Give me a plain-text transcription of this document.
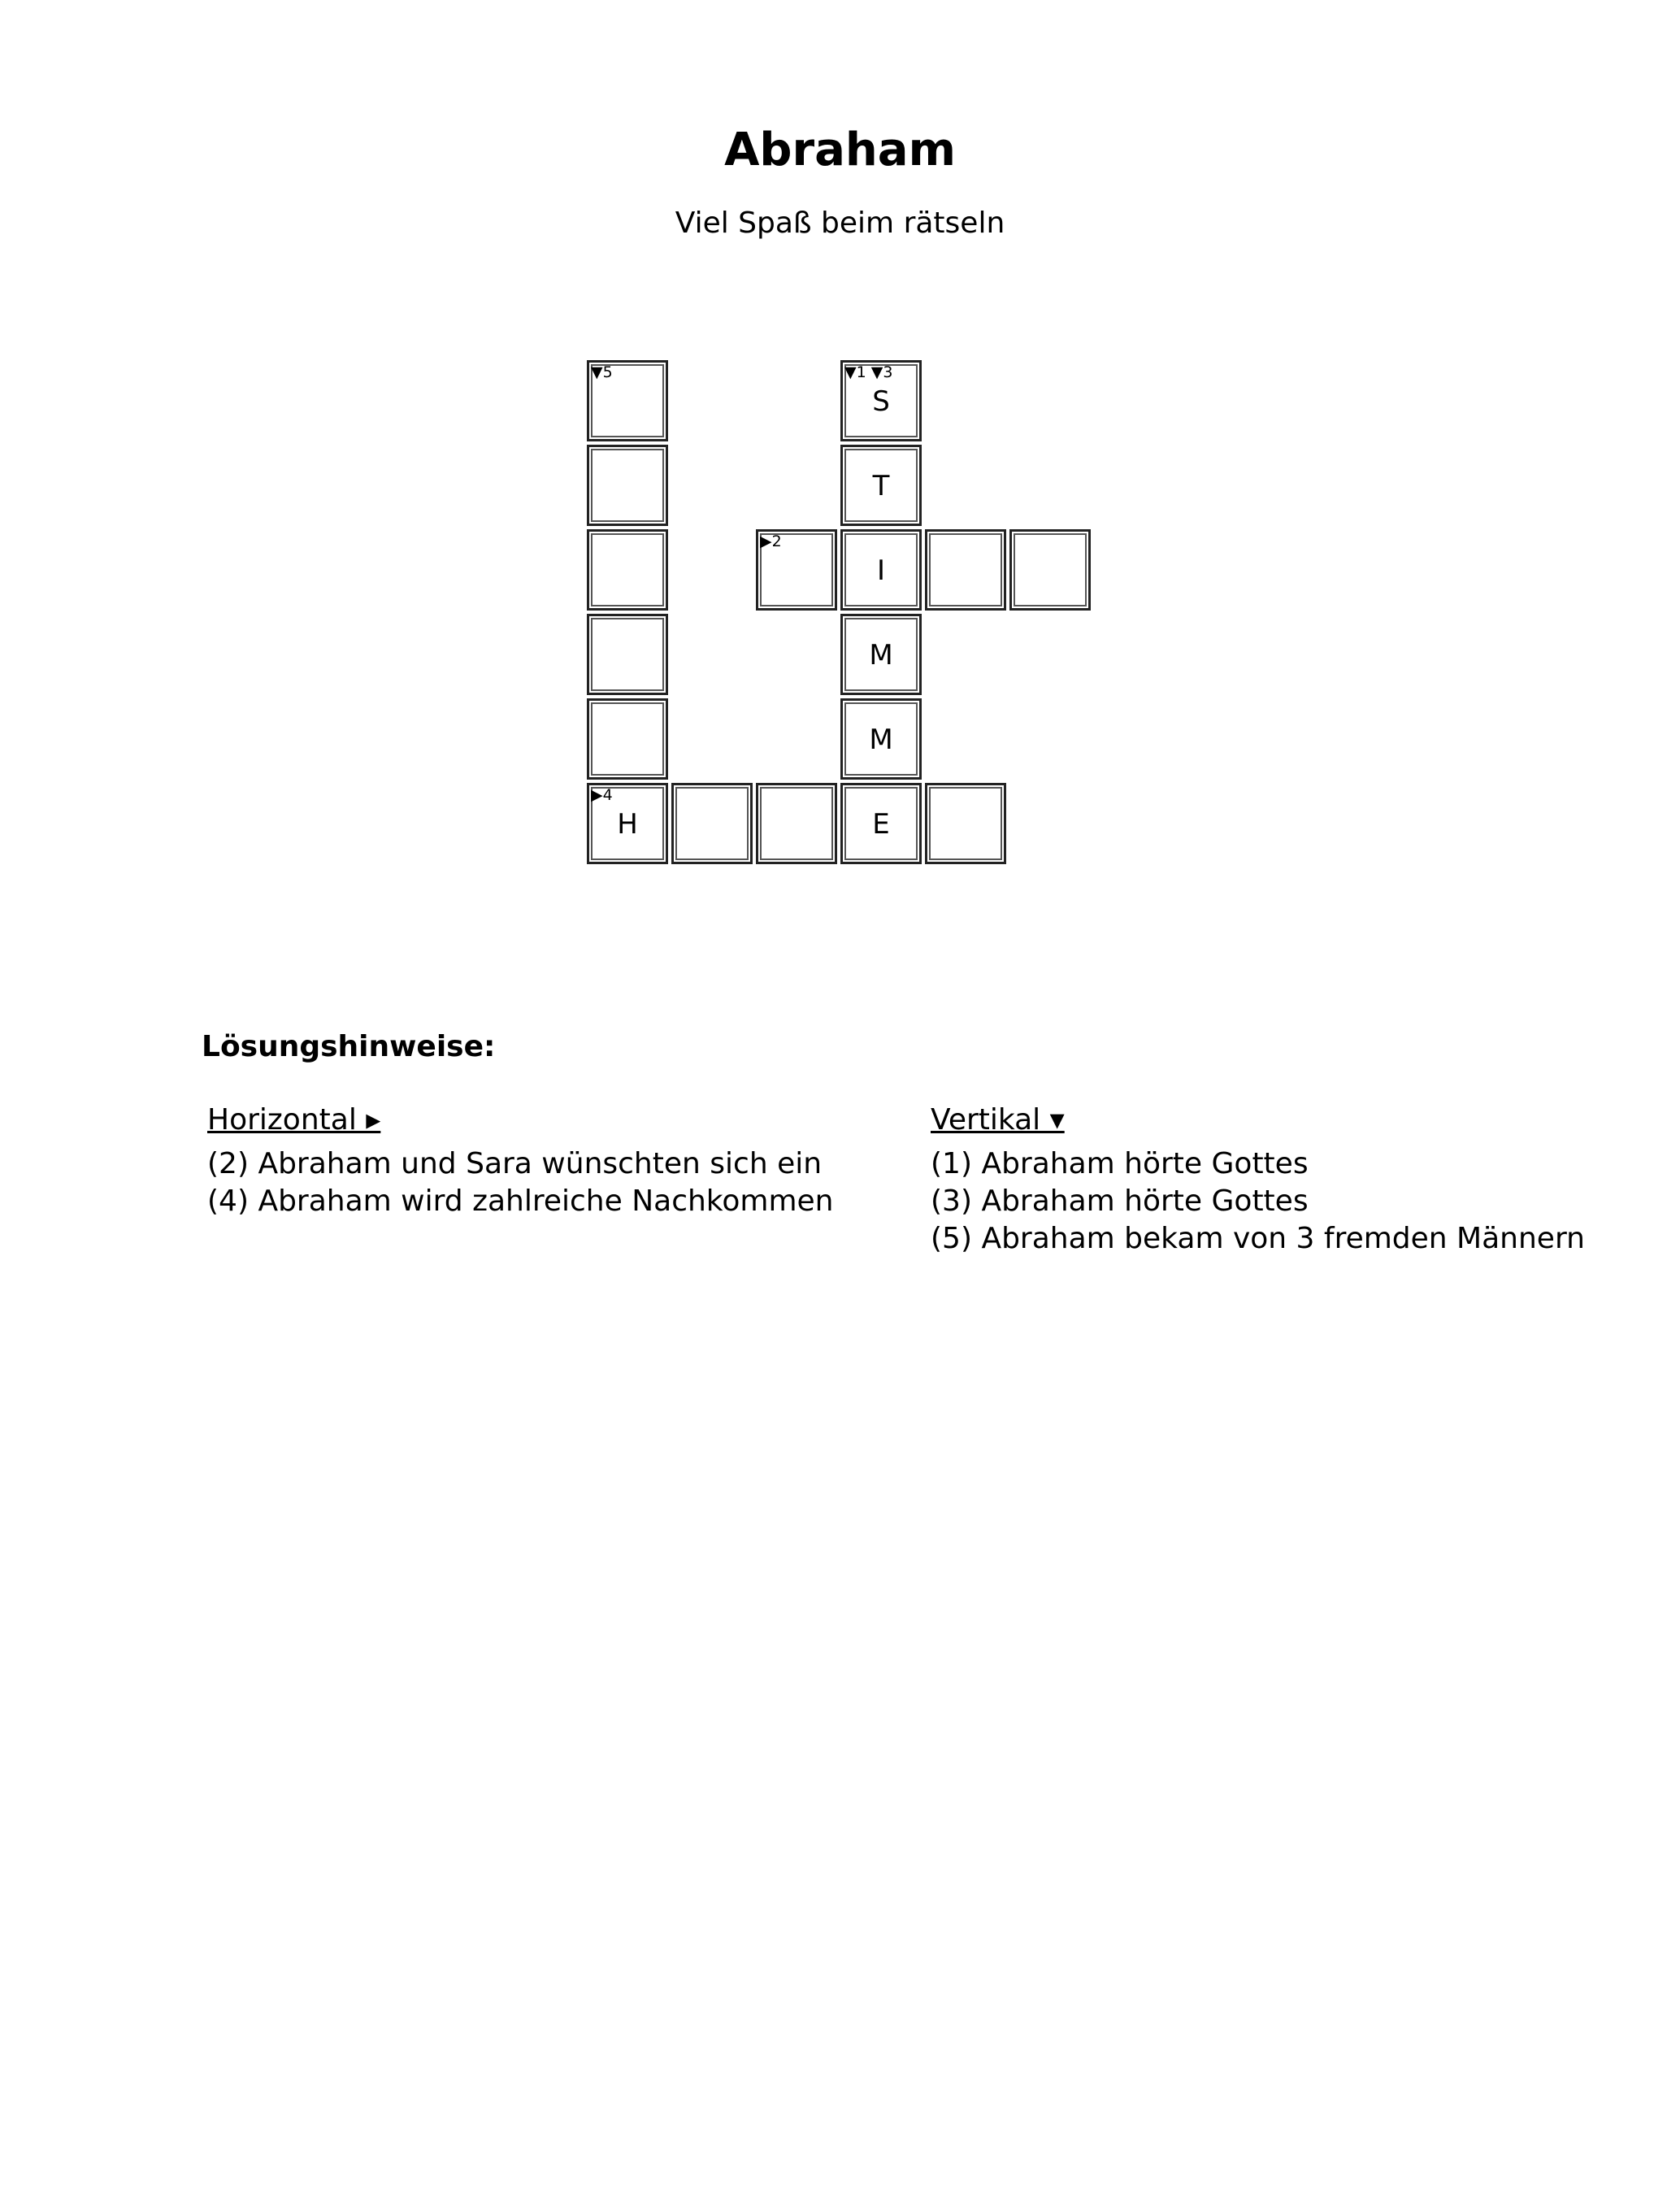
Abraham
Viel Spaß beim rätseln
▼5
▶4
H	E
▼1 ▼3
S
T
▶2
I
M
M
Lösungshinweise:
Horizontal ▸
(2) Abraham und Sara wünschten sich ein
(4) Abraham wird zahlreiche Nachkommen
Vertikal ▾
(1) Abraham hörte Gottes
(3) Abraham hörte Gottes
(5) Abraham bekam von 3 fremden Männern
